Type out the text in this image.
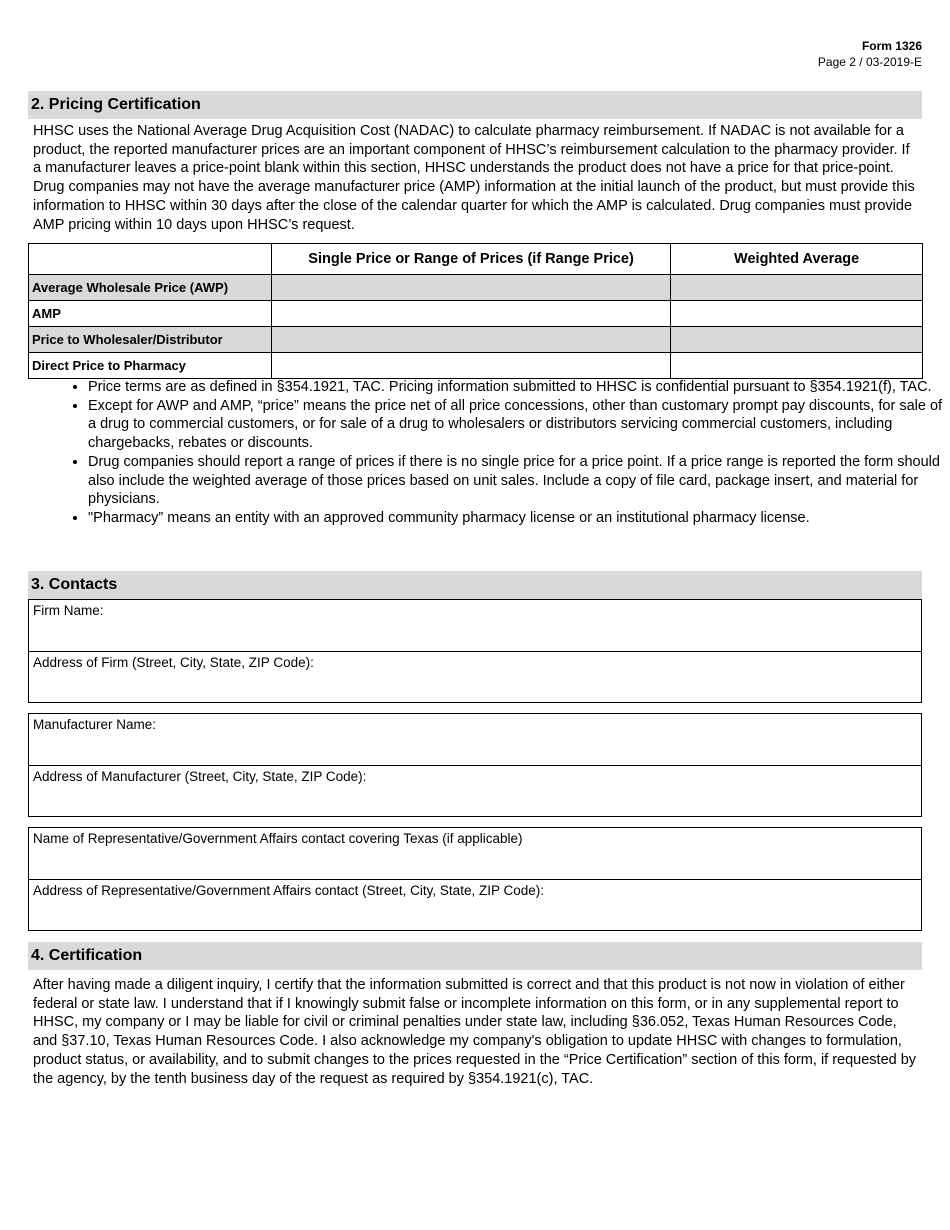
Form 1326
Page 2 / 03-2019-E
2. Pricing Certification
HHSC uses the National Average Drug Acquisition Cost (NADAC) to calculate pharmacy reimbursement. If NADAC is not available for a product, the reported manufacturer prices are an important component of HHSC’s reimbursement calculation to the pharmacy provider. If a manufacturer leaves a price-point blank within this section, HHSC understands the product does not have a price for that price-point. Drug companies may not have the average manufacturer price (AMP) information at the initial launch of the product, but must provide this information to HHSC within 30 days after the close of the calendar quarter for which the AMP is calculated. Drug companies must provide AMP pricing within 10 days upon HHSC’s request.
	Single Price or Range of Prices (if Range Price)	Weighted Average
Average Wholesale Price (AWP)		
AMP		
Price to Wholesaler/Distributor		
Direct Price to Pharmacy		
• Price terms are as defined in §354.1921, TAC. Pricing information submitted to HHSC is confidential pursuant to §354.1921(f), TAC.
• Except for AWP and AMP, “price” means the price net of all price concessions, other than customary prompt pay discounts, for sale of a drug to commercial customers, or for sale of a drug to wholesalers or distributors servicing commercial customers, including chargebacks, rebates or discounts.
• Drug companies should report a range of prices if there is no single price for a price point. If a price range is reported the form should also include the weighted average of those prices based on unit sales. Include a copy of file card, package insert, and material for physicians.
• "Pharmacy” means an entity with an approved community pharmacy license or an institutional pharmacy license.
3. Contacts
Firm Name:
Address of Firm (Street, City, State, ZIP Code):
Manufacturer Name:
Address of Manufacturer (Street, City, State, ZIP Code):
Name of Representative/Government Affairs contact covering Texas (if applicable)
Address of Representative/Government Affairs contact (Street, City, State, ZIP Code):
4. Certification
After having made a diligent inquiry, I certify that the information submitted is correct and that this product is not now in violation of either federal or state law. I understand that if I knowingly submit false or incomplete information on this form, or in any supplemental report to HHSC, my company or I may be liable for civil or criminal penalties under state law, including §36.052, Texas Human Resources Code, and §37.10, Texas Human Resources Code. I also acknowledge my company's obligation to update HHSC with changes to formulation, product status, or availability, and to submit changes to the prices requested in the “Price Certification” section of this form, if requested by the agency, by the tenth business day of the request as required by §354.1921(c), TAC.
